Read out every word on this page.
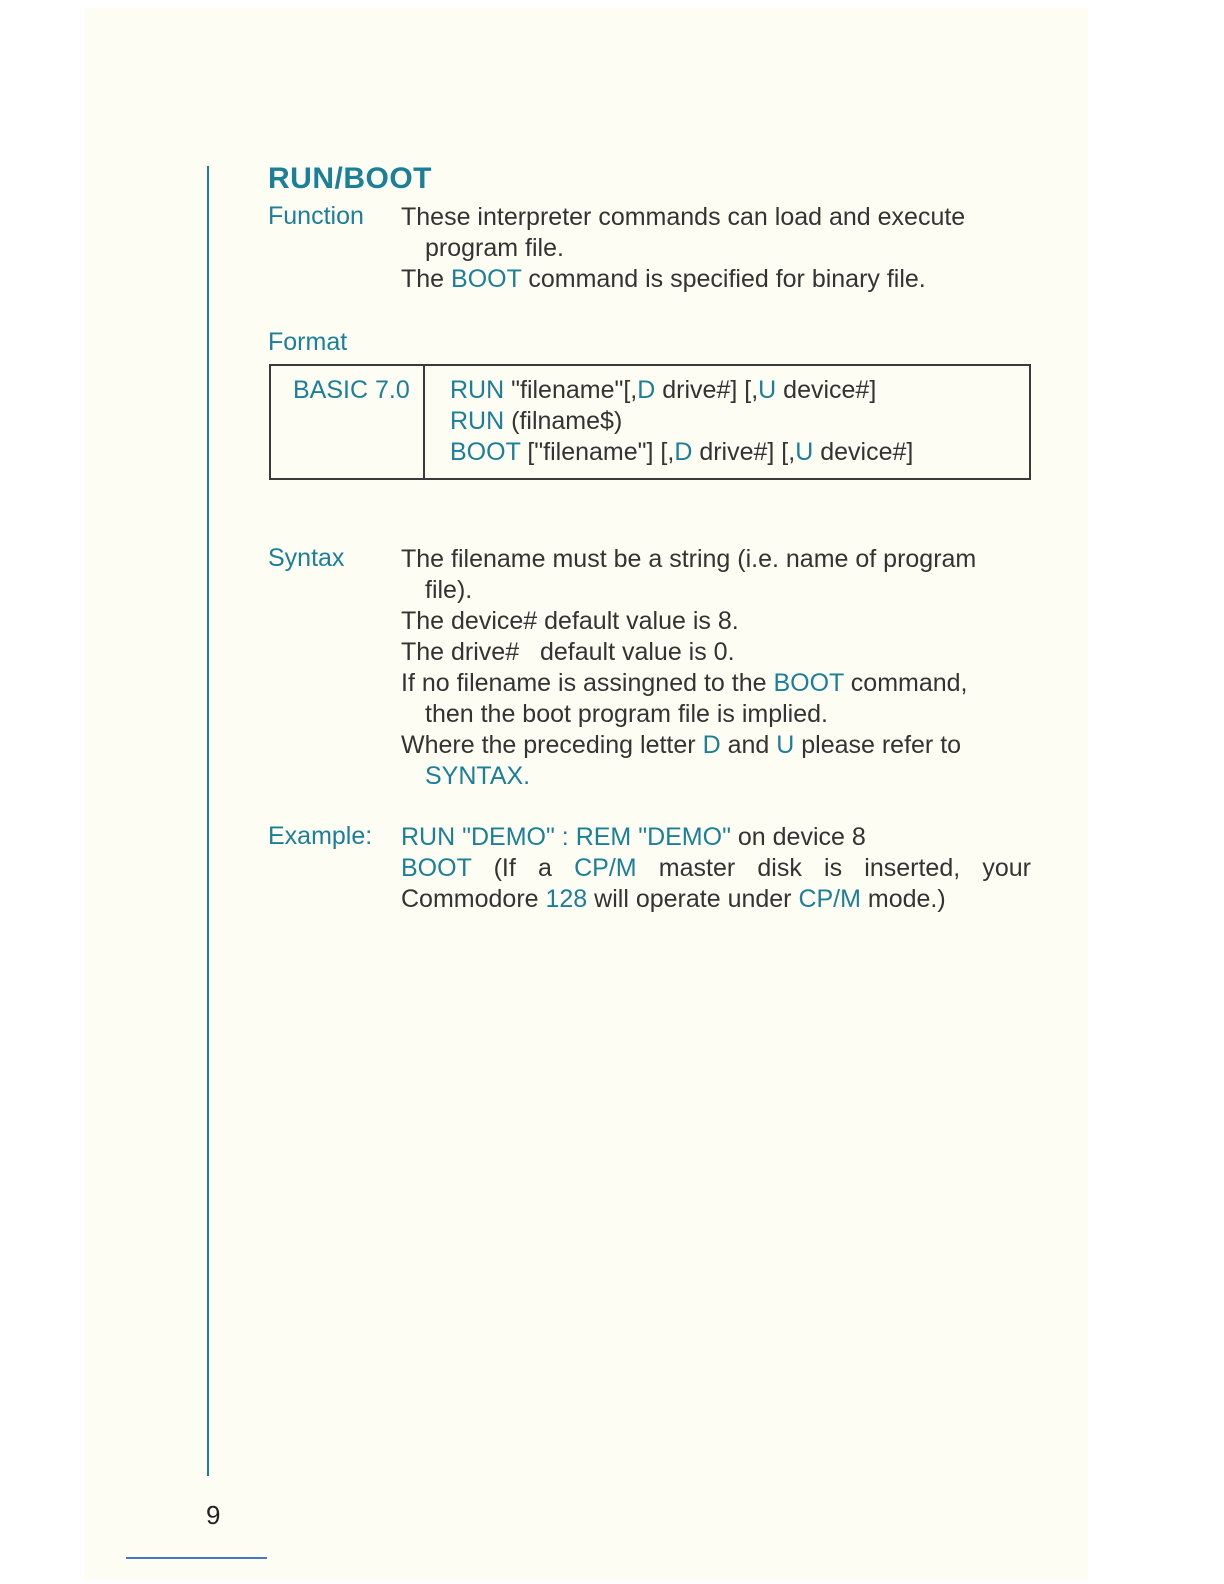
RUN/BOOT
Function These interpreter commands can load and execute
program file.
The BOOT command is specified for binary file.
Format
BASIC 7.0 RUN "filename"[,D drive#] [,U device#]
RUN (filname$)
BOOT ["filename"] [,D drive#] [,U device#]
Syntax The filename must be a string (i.e. name of program
file).
The device# default value is 8.
The drive#   default value is 0.
If no filename is assingned to the BOOT command,
then the boot program file is implied.
Where the preceding letter D and U please refer to
SYNTAX.
Example: RUN "DEMO" : REM "DEMO" on device 8
BOOT (If a CP/M master disk is inserted, your Commodore 128 will operate under CP/M mode.)
9
